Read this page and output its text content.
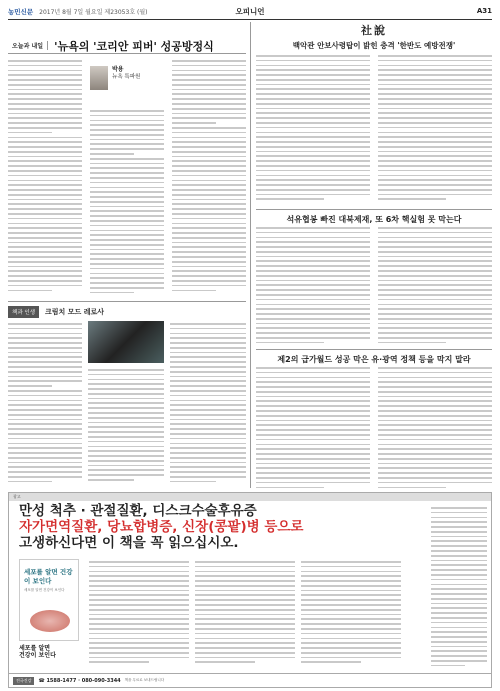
농민신문 2017년 8월 7일 월요일 제23053호 (월)	오피니언	A31
오늘과 내일	'뉴욕의 '코리안 피버' 성공방정식
박용
뉴욕 특파원
책과 인생	크림치 모드 레로사
社說
백악관 안보사령탑이 밝힌 충격 '한반도 예방전쟁'
석유협봉 빠진 대북제재, 또 6차 핵실험 못 막는다
제2의 급가월드 성공 막은 유·광역 정책 등을 막지 말라
광고
만성 척추 · 관절질환, 디스크수술후유증
자가면역질환, 당뇨합병증, 신장(콩팥)병 등으로
고생하신다면 이 책을 꼭 읽으십시오.
세포를 알면 건강이 보인다
세포를 알면 건강이 보인다
세포를 알면
건강이 보인다
전국건강	☎ 1588-1477 · 080-090-3344 책을 무료로 보내드립니다
